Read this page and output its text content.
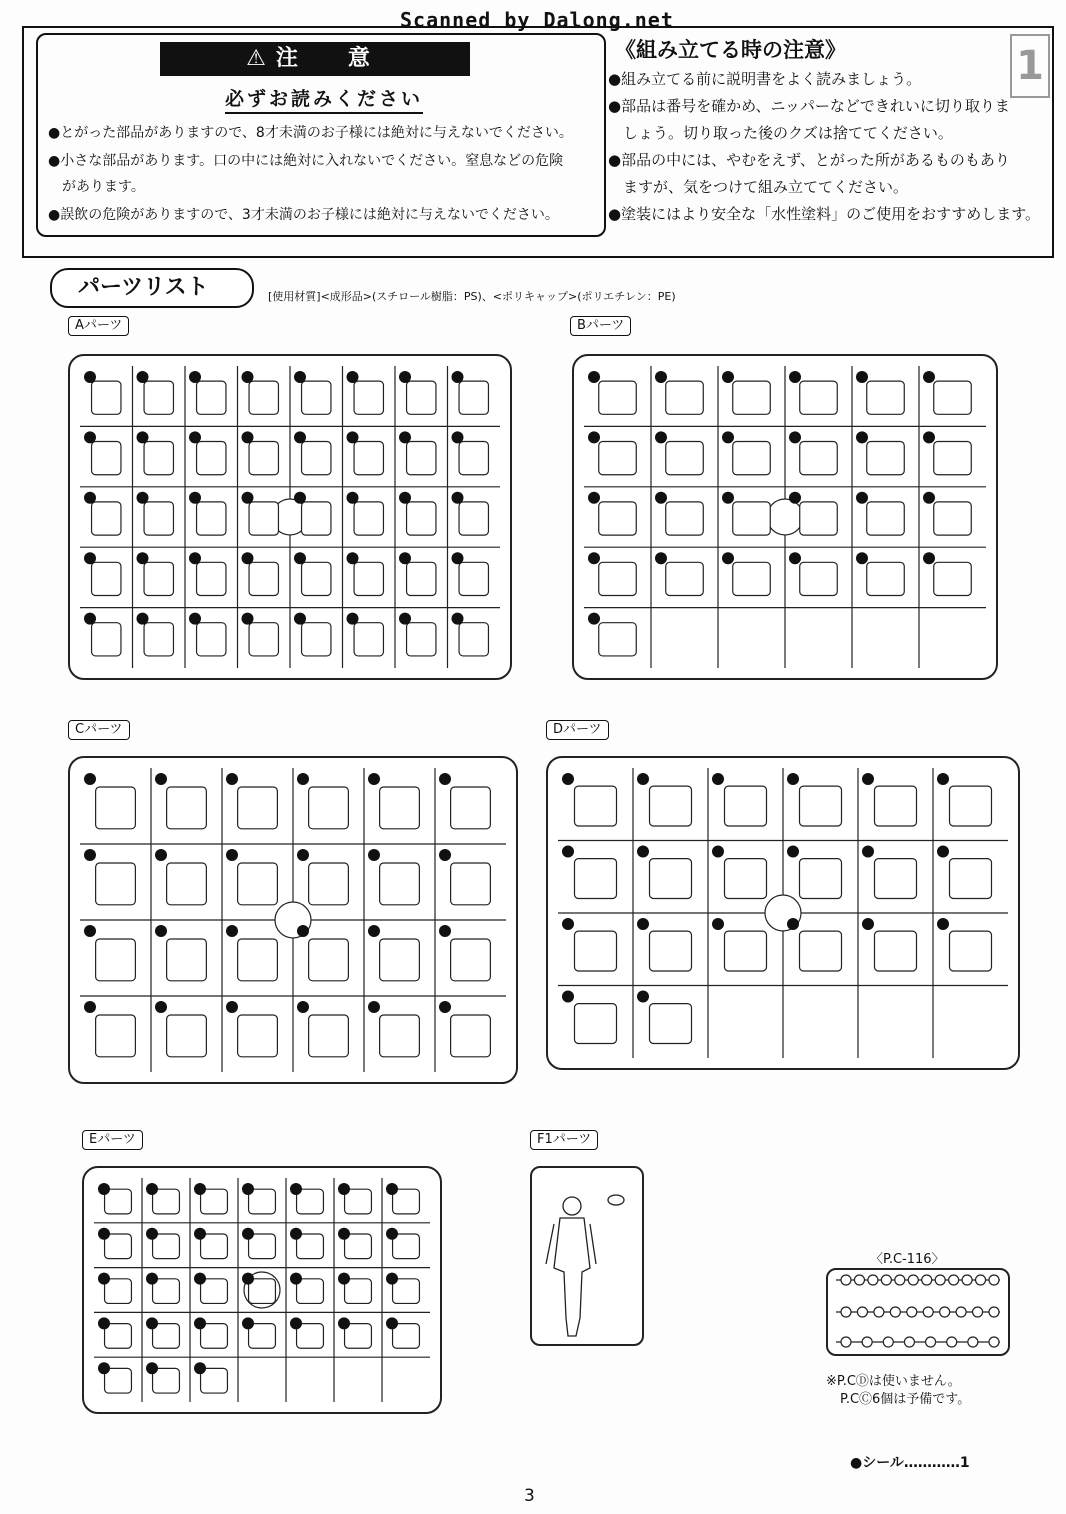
Scanned by Dalong.net
⚠ 注　意
必ずお読みください
●とがった部品がありますので、8才未満のお子様には絶対に与えないでください。
●小さな部品があります。口の中には絶対に入れないでください。窒息などの危険
　があります。
●誤飲の危険がありますので、3才未満のお子様には絶対に与えないでください。
《組み立てる時の注意》
●組み立てる前に説明書をよく読みましょう。
●部品は番号を確かめ、ニッパーなどできれいに切り取りま
　しょう。切り取った後のクズは捨ててください。
●部品の中には、やむをえず、とがった所があるものもあり
　ますが、気をつけて組み立ててください。
●塗装にはより安全な「水性塗料」のご使用をおすすめします。
1
パーツリスト	[使用材質]<成形品>(スチロール樹脂：PS)、<ポリキャップ>(ポリエチレン：PE)
Aパーツ	Bパーツ
Cパーツ	Dパーツ
Eパーツ	F1パーツ
〈P.C-116〉
※P.CⒹは使いません。
P.CⒸ6個は予備です。
●シール…………1
3
